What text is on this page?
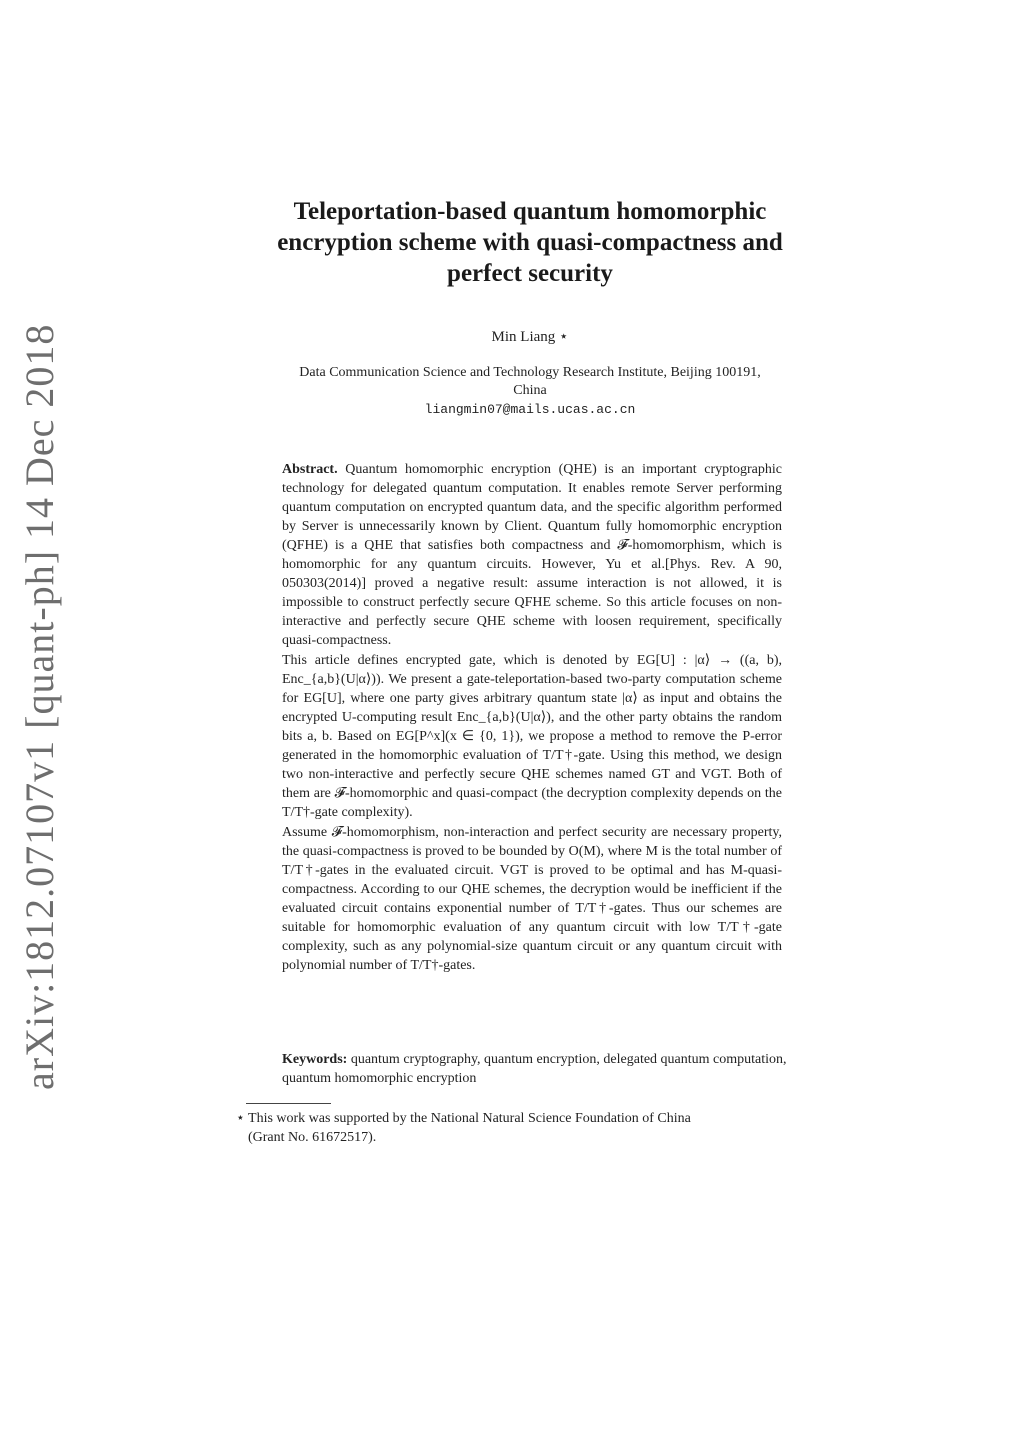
arXiv:1812.07107v1 [quant-ph] 14 Dec 2018
Teleportation-based quantum homomorphic
encryption scheme with quasi-compactness and
perfect security
Min Liang ⋆
Data Communication Science and Technology Research Institute, Beijing 100191,
China
liangmin07@mails.ucas.ac.cn

Abstract. Quantum homomorphic encryption (QHE) is an important cryptographic technology for delegated quantum computation. It enables remote Server performing quantum computation on encrypted quantum data, and the specific algorithm performed by Server is unnecessarily known by Client. Quantum fully homomorphic encryption (QFHE) is a QHE that satisfies both compactness and 𝓕-homomorphism, which is homomorphic for any quantum circuits. However, Yu et al.[Phys. Rev. A 90, 050303(2014)] proved a negative result: assume interaction is not allowed, it is impossible to construct perfectly secure QFHE scheme. So this article focuses on non-interactive and perfectly secure QHE scheme with loosen requirement, specifically quasi-compactness.

This article defines encrypted gate, which is denoted by EG[U] : |α⟩ → ((a, b), Enc_{a,b}(U|α⟩)). We present a gate-teleportation-based two-party computation scheme for EG[U], where one party gives arbitrary quantum state |α⟩ as input and obtains the encrypted U-computing result Enc_{a,b}(U|α⟩), and the other party obtains the random bits a, b. Based on EG[P^x](x ∈ {0, 1}), we propose a method to remove the P-error generated in the homomorphic evaluation of T/T†-gate. Using this method, we design two non-interactive and perfectly secure QHE schemes named GT and VGT. Both of them are 𝓕-homomorphic and quasi-compact (the decryption complexity depends on the T/T†-gate complexity).

Assume 𝓕-homomorphism, non-interaction and perfect security are necessary property, the quasi-compactness is proved to be bounded by O(M), where M is the total number of T/T†-gates in the evaluated circuit. VGT is proved to be optimal and has M-quasi-compactness. According to our QHE schemes, the decryption would be inefficient if the evaluated circuit contains exponential number of T/T†-gates. Thus our schemes are suitable for homomorphic evaluation of any quantum circuit with low T/T†-gate complexity, such as any polynomial-size quantum circuit or any quantum circuit with polynomial number of T/T†-gates.

Keywords: quantum cryptography, quantum encryption, delegated quantum computation, quantum homomorphic encryption
⋆ This work was supported by the National Natural Science Foundation of China
(Grant No. 61672517).
